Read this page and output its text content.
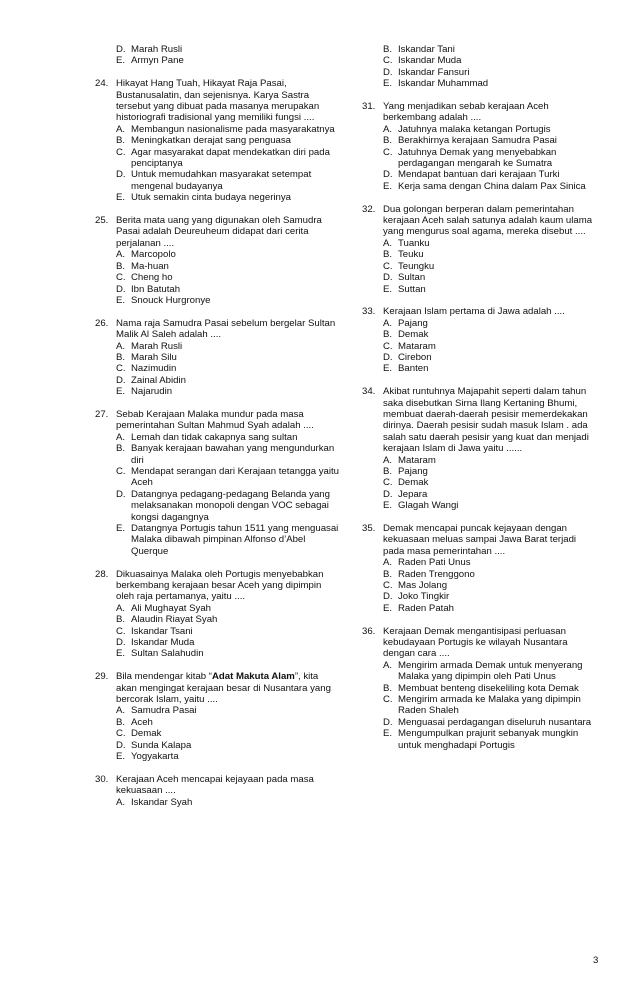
D. Marah Rusli
E. Armyn Pane
24. Hikayat Hang Tuah, Hikayat Raja Pasai, Bustanusalatin, dan sejenisnya. Karya Sastra tersebut yang dibuat pada masanya merupakan historiografi tradisional yang memiliki fungsi ....
A. Membangun nasionalisme pada masyarakatnya
B. Meningkatkan derajat sang penguasa
C. Agar masyarakat dapat mendekatkan diri pada penciptanya
D. Untuk memudahkan masyarakat setempat mengenal budayanya
E. Utuk semakin cinta budaya negerinya
25. Berita mata uang yang digunakan oleh Samudra Pasai adalah Deureuheum didapat dari cerita perjalanan ....
A. Marcopolo
B. Ma-huan
C. Cheng ho
D. Ibn Batutah
E. Snouck Hurgronye
26. Nama raja Samudra Pasai sebelum bergelar Sultan Malik Al Saleh adalah ....
A. Marah Rusli
B. Marah Silu
C. Nazimudin
D. Zainal Abidin
E. Najarudin
27. Sebab Kerajaan Malaka mundur pada masa pemerintahan Sultan Mahmud Syah adalah ....
A. Lemah dan tidak cakapnya sang sultan
B. Banyak kerajaan bawahan yang mengundurkan diri
C. Mendapat serangan dari Kerajaan tetangga yaitu Aceh
D. Datangnya pedagang-pedagang Belanda yang melaksanakan monopoli dengan VOC sebagai kongsi dagangnya
E. Datangnya Portugis tahun 1511 yang menguasai Malaka dibawah pimpinan Alfonso d’Abel Querque
28. Dikuasainya Malaka oleh Portugis menyebabkan berkembang kerajaan besar Aceh yang dipimpin oleh raja pertamanya, yaitu ....
A. Ali Mughayat Syah
B. Alaudin Riayat Syah
C. Iskandar Tsani
D. Iskandar Muda
E. Sultan Salahudin
29. Bila mendengar kitab “Adat Makuta Alam”, kita akan mengingat kerajaan besar di Nusantara yang bercorak Islam, yaitu ....
A. Samudra Pasai
B. Aceh
C. Demak
D. Sunda Kalapa
E. Yogyakarta
30. Kerajaan Aceh mencapai kejayaan pada masa kekuasaan ....
A. Iskandar Syah
B. Iskandar Tani
C. Iskandar Muda
D. Iskandar Fansuri
E. Iskandar Muhammad
31. Yang menjadikan sebab kerajaan Aceh berkembang adalah ....
A. Jatuhnya malaka ketangan Portugis
B. Berakhirnya kerajaan Samudra Pasai
C. Jatuhnya Demak yang menyebabkan perdagangan mengarah ke Sumatra
D. Mendapat bantuan dari kerajaan Turki
E. Kerja sama dengan China dalam Pax Sinica
32. Dua golongan berperan dalam pemerintahan kerajaan Aceh salah satunya adalah kaum ulama yang mengurus soal agama, mereka disebut ....
A. Tuanku
B. Teuku
C. Teungku
D. Sultan
E. Suttan
33. Kerajaan Islam pertama di Jawa adalah ....
A. Pajang
B. Demak
C. Mataram
D. Cirebon
E. Banten
34. Akibat runtuhnya Majapahit seperti dalam tahun saka disebutkan Sirna Ilang Kertaning Bhumi, membuat daerah-daerah pesisir memerdekakan dirinya. Daerah pesisir sudah masuk Islam . ada salah satu daerah pesisir yang kuat dan menjadi kerajaan Islam di Jawa yaitu ......
A. Mataram
B. Pajang
C. Demak
D. Jepara
E. Glagah Wangi
35. Demak mencapai puncak kejayaan dengan kekuasaan meluas sampai Jawa Barat terjadi pada masa pemerintahan ....
A. Raden Pati Unus
B. Raden Trenggono
C. Mas Jolang
D. Joko Tingkir
E. Raden Patah
36. Kerajaan Demak mengantisipasi perluasan kebudayaan Portugis ke wilayah Nusantara dengan cara ....
A. Mengirim armada Demak untuk menyerang Malaka yang dipimpin oleh Pati Unus
B. Membuat benteng disekeliling kota Demak
C. Mengirim armada ke Malaka yang dipimpin Raden Shaleh
D. Menguasai perdagangan diseluruh nusantara
E. Mengumpulkan prajurit sebanyak mungkin untuk menghadapi Portugis
3
